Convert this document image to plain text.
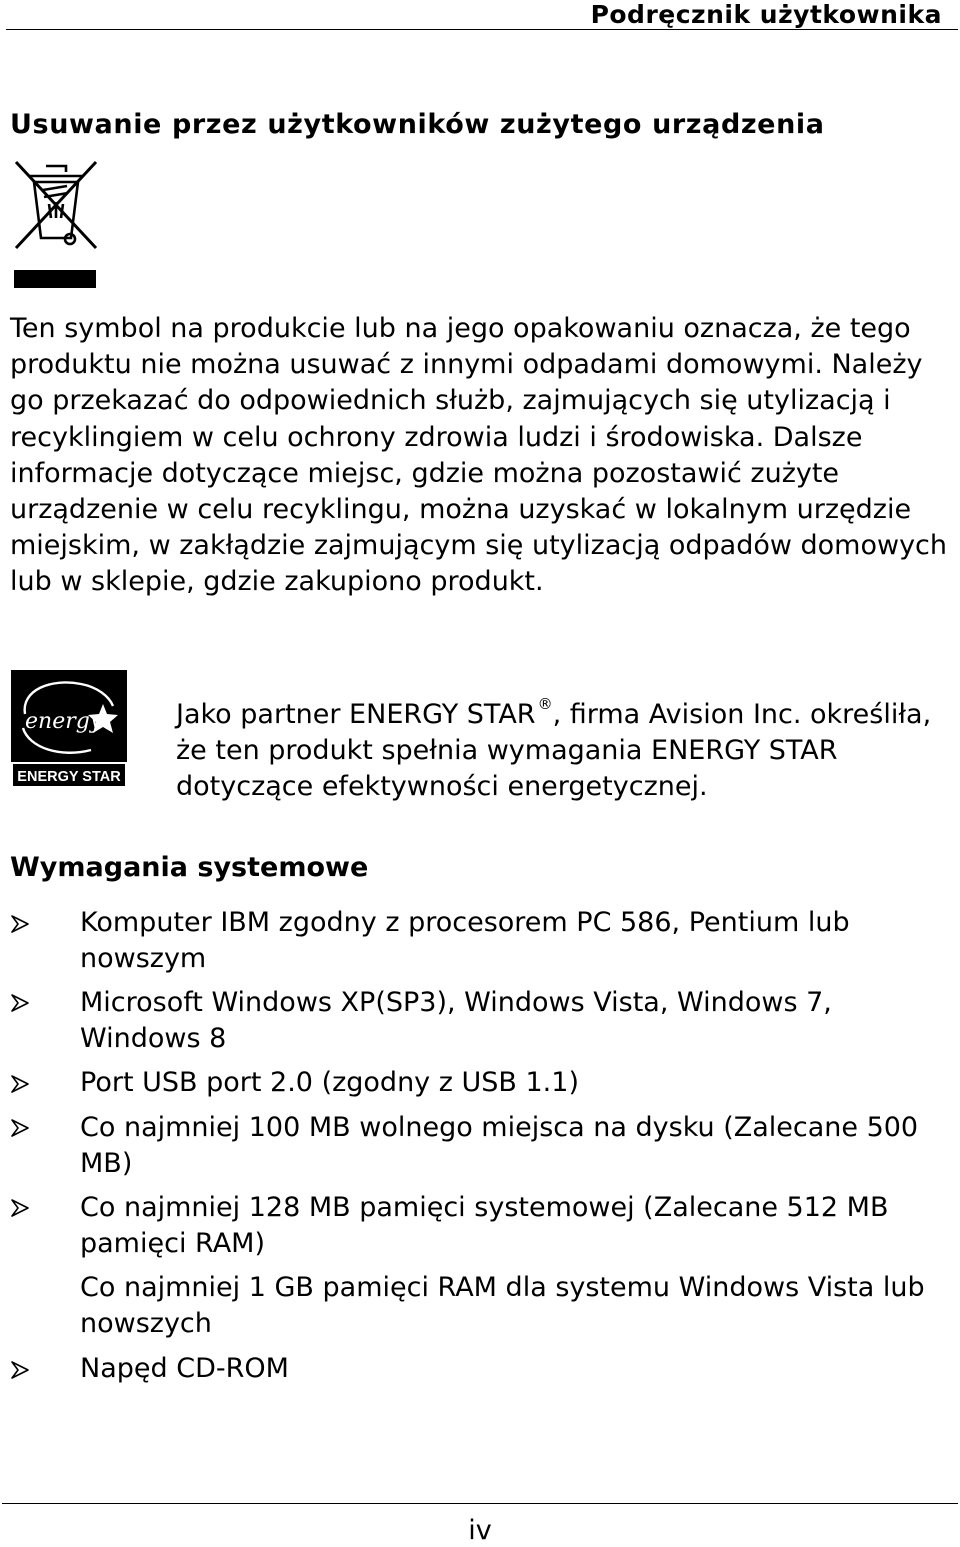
Podręcznik użytkownika
Usuwanie przez użytkowników zużytego urządzenia

Ten symbol na produkcie lub na jego opakowaniu oznacza, że tego produktu nie można usuwać z innymi odpadami domowymi. Należy go przekazać do odpowiednich służb, zajmujących się utylizacją i recyklingiem w celu ochrony zdrowia ludzi i środowiska. Dalsze informacje dotyczące miejsc, gdzie można pozostawić zużyte urządzenie w celu recyklingu, można uzyskać w lokalnym urzędzie miejskim, w zakłądzie zajmującym się utylizacją odpadów domowych lub w sklepie, gdzie zakupiono produkt.

energy
ENERGY STAR

Jako partner ENERGY STAR ®, firma Avision Inc. określiła, że ten produkt spełnia wymagania ENERGY STAR dotyczące efektywności energetycznej.

Wymagania systemowe
Komputer IBM zgodny z procesorem PC 586, Pentium lub nowszym
Microsoft Windows XP(SP3), Windows Vista, Windows 7, Windows 8
Port USB port 2.0 (zgodny z USB 1.1)
Co najmniej 100 MB wolnego miejsca na dysku (Zalecane 500 MB)
Co najmniej 128 MB pamięci systemowej (Zalecane 512 MB pamięci RAM)
Co najmniej 1 GB pamięci RAM dla systemu Windows Vista lub nowszych
Napęd CD-ROM
iv
